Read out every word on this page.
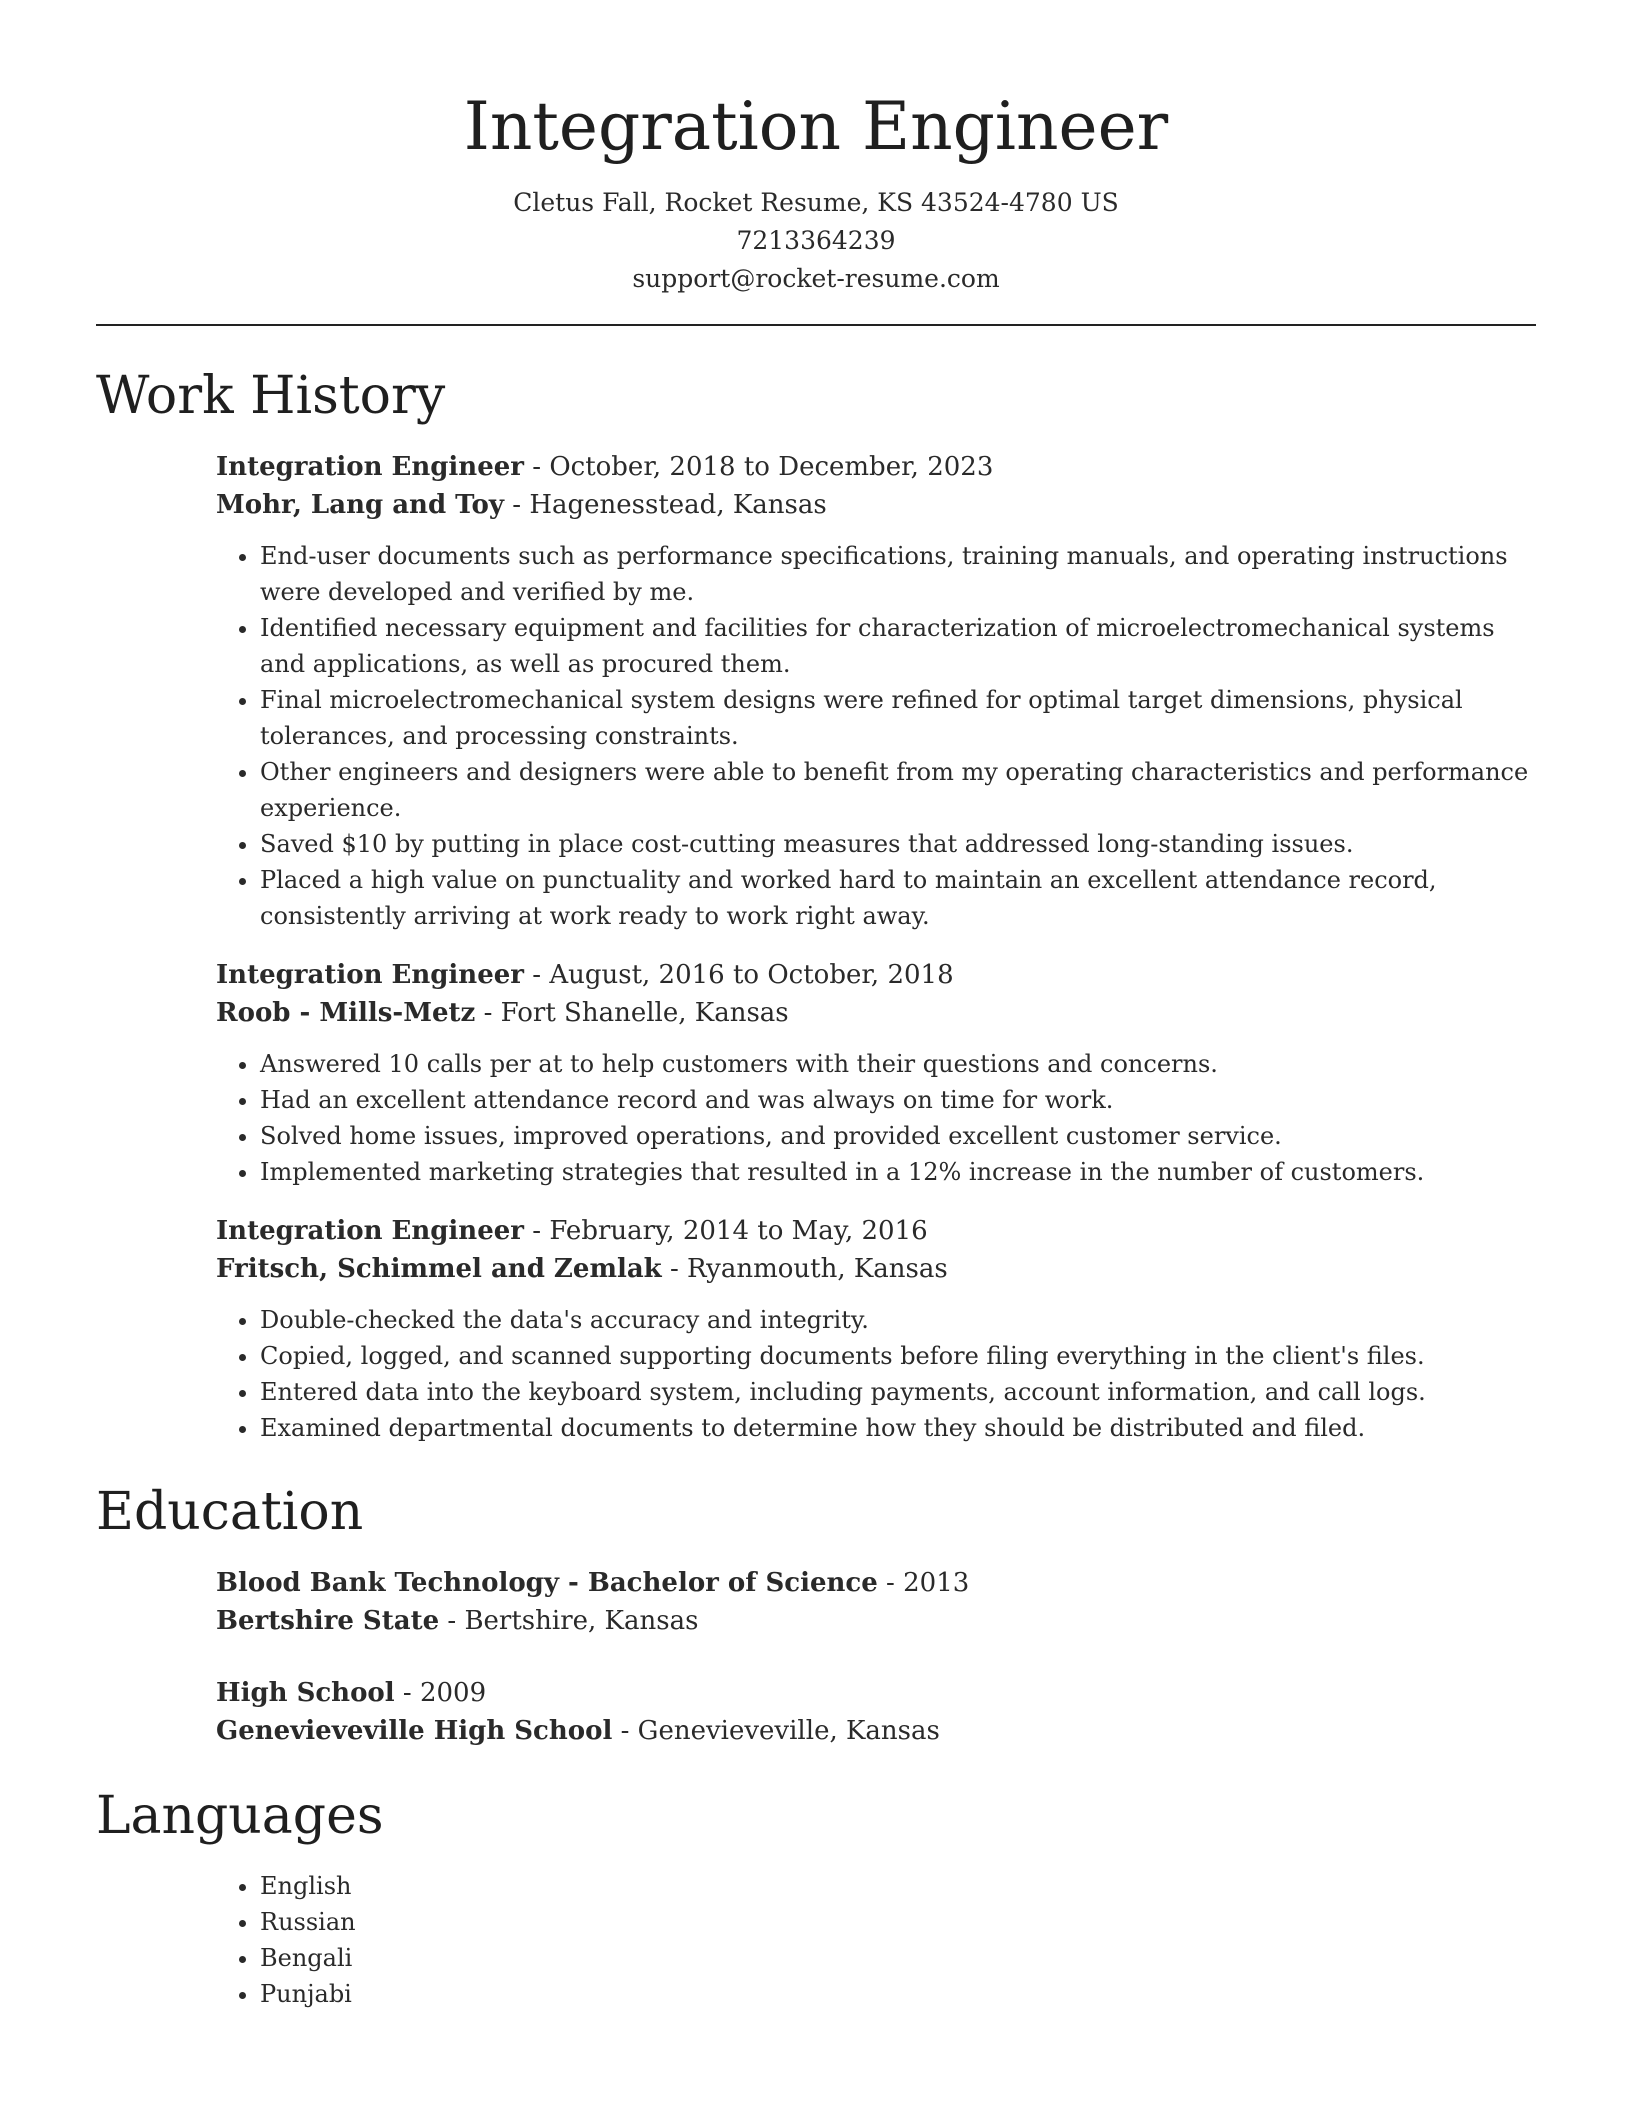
Integration Engineer
Cletus Fall, Rocket Resume, KS 43524-4780 US
7213364239
support@rocket-resume.com
Work History
Integration Engineer - October, 2018 to December, 2023
Mohr, Lang and Toy - Hagenesstead, Kansas
• End-user documents such as performance specifications, training manuals, and operating instructions were developed and verified by me.
• Identified necessary equipment and facilities for characterization of microelectromechanical systems and applications, as well as procured them.
• Final microelectromechanical system designs were refined for optimal target dimensions, physical tolerances, and processing constraints.
• Other engineers and designers were able to benefit from my operating characteristics and performance experience.
• Saved $10 by putting in place cost-cutting measures that addressed long-standing issues.
• Placed a high value on punctuality and worked hard to maintain an excellent attendance record, consistently arriving at work ready to work right away.
Integration Engineer - August, 2016 to October, 2018
Roob - Mills-Metz - Fort Shanelle, Kansas
• Answered 10 calls per at to help customers with their questions and concerns.
• Had an excellent attendance record and was always on time for work.
• Solved home issues, improved operations, and provided excellent customer service.
• Implemented marketing strategies that resulted in a 12% increase in the number of customers.
Integration Engineer - February, 2014 to May, 2016
Fritsch, Schimmel and Zemlak - Ryanmouth, Kansas
• Double-checked the data's accuracy and integrity.
• Copied, logged, and scanned supporting documents before filing everything in the client's files.
• Entered data into the keyboard system, including payments, account information, and call logs.
• Examined departmental documents to determine how they should be distributed and filed.
Education
Blood Bank Technology - Bachelor of Science - 2013
Bertshire State - Bertshire, Kansas
High School - 2009
Genevieveville High School - Genevieveville, Kansas
Languages
• English
• Russian
• Bengali
• Punjabi
